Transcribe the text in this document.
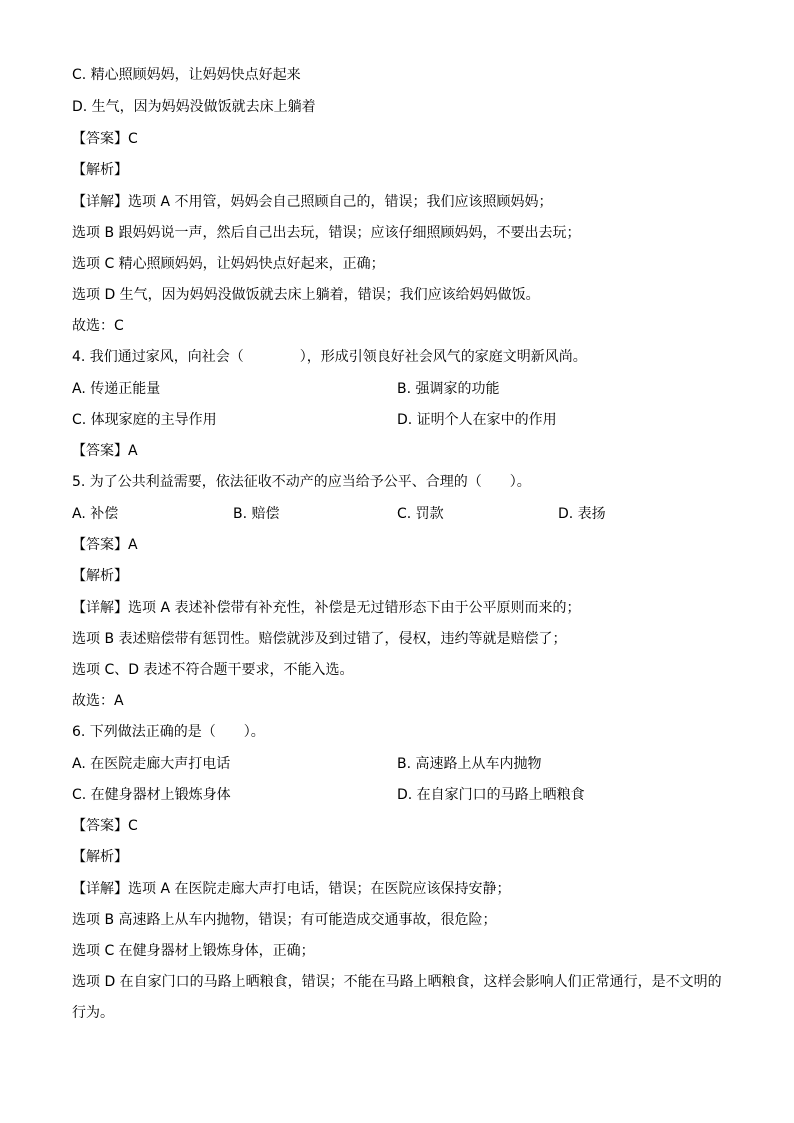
C. 精心照顾妈妈，让妈妈快点好起来
D. 生气，因为妈妈没做饭就去床上躺着
【答案】C
【解析】
【详解】选项 A 不用管，妈妈会自己照顾自己的，错误；我们应该照顾妈妈；
选项 B 跟妈妈说一声，然后自己出去玩，错误；应该仔细照顾妈妈，不要出去玩；
选项 C 精心照顾妈妈，让妈妈快点好起来，正确；
选项 D 生气，因为妈妈没做饭就去床上躺着，错误；我们应该给妈妈做饭。
故选：C
4. 我们通过家风，向社会（　　　　），形成引领良好社会风气的家庭文明新风尚。
A. 传递正能量	B. 强调家的功能
C. 体现家庭的主导作用	D. 证明个人在家中的作用
【答案】A
5. 为了公共利益需要，依法征收不动产的应当给予公平、合理的（　　）。
A. 补偿	B. 赔偿	C. 罚款	D. 表扬
【答案】A
【解析】
【详解】选项 A 表述补偿带有补充性，补偿是无过错形态下由于公平原则而来的；
选项 B 表述赔偿带有惩罚性。赔偿就涉及到过错了，侵权，违约等就是赔偿了；
选项 C、D 表述不符合题干要求，不能入选。
故选：A
6. 下列做法正确的是（　　）。
A. 在医院走廊大声打电话	B. 高速路上从车内抛物
C. 在健身器材上锻炼身体	D. 在自家门口的马路上晒粮食
【答案】C
【解析】
【详解】选项 A 在医院走廊大声打电话，错误；在医院应该保持安静；
选项 B 高速路上从车内抛物，错误；有可能造成交通事故，很危险；
选项 C 在健身器材上锻炼身体，正确；
选项 D 在自家门口的马路上晒粮食，错误；不能在马路上晒粮食，这样会影响人们正常通行，是不文明的
行为。
